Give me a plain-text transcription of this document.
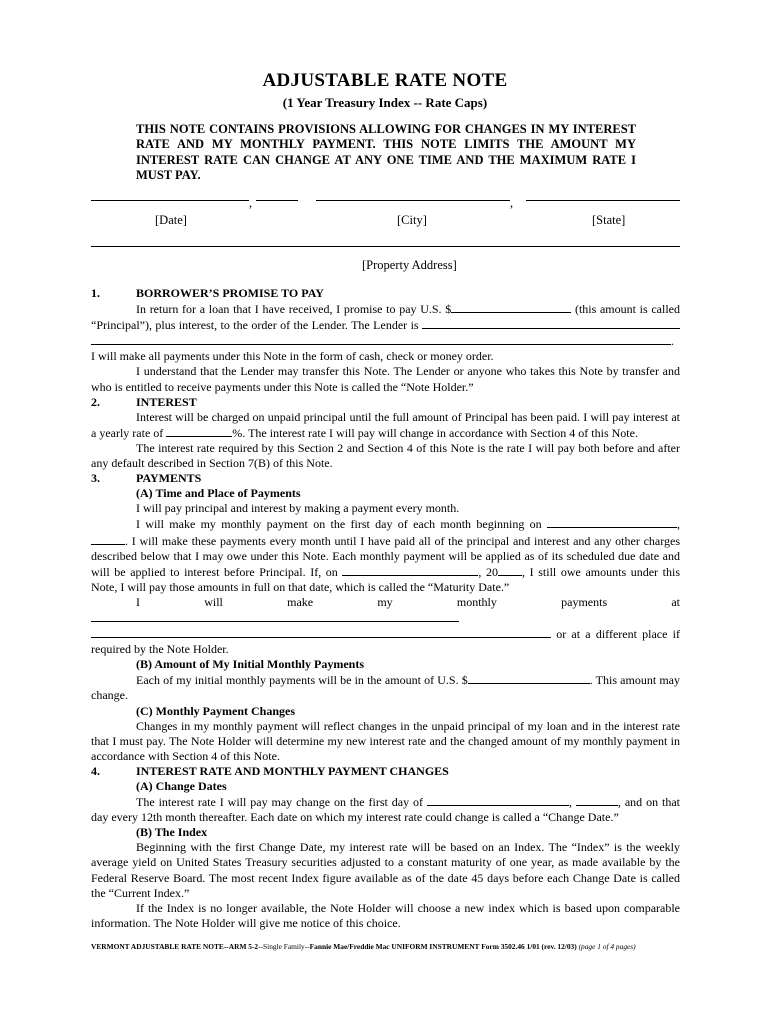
ADJUSTABLE RATE NOTE
(1 Year Treasury Index -- Rate Caps)
THIS NOTE CONTAINS PROVISIONS ALLOWING FOR CHANGES IN MY INTEREST RATE AND MY MONTHLY PAYMENT. THIS NOTE LIMITS THE AMOUNT MY INTEREST RATE CAN CHANGE AT ANY ONE TIME AND THE MAXIMUM RATE I MUST PAY.
,	,
[Date]	[City]	[State]
[Property Address]
1.	BORROWER’S PROMISE TO PAY

In return for a loan that I have received, I promise to pay U.S. $	(this amount is called “Principal”), plus interest, to the order of the Lender. The Lender is . I will make all payments under this Note in the form of cash, check or money order.

I understand that the Lender may transfer this Note. The Lender or anyone who takes this Note by transfer and who is entitled to receive payments under this Note is called the “Note Holder.”

2.	INTEREST

Interest will be charged on unpaid principal until the full amount of Principal has been paid. I will pay interest at a yearly rate of	%. The interest rate I will pay will change in accordance with Section 4 of this Note.

The interest rate required by this Section 2 and Section 4 of this Note is the rate I will pay both before and after any default described in Section 7(B) of this Note.

3.	PAYMENTS
(A) Time and Place of Payments

I will pay principal and interest by making a payment every month.

I will make my monthly payment on the first day of each month beginning on	, . I will make these payments every month until I have paid all of the principal and interest and any other charges described below that I may owe under this Note. Each monthly payment will be applied as of its scheduled due date and will be applied to interest before Principal. If, on	, 20 , I still owe amounts under this Note, I will pay those amounts in full on that date, which is called the “Maturity Date.”

I will make my monthly payments at  or at a different place if required by the Note Holder.

(B) Amount of My Initial Monthly Payments

Each of my initial monthly payments will be in the amount of U.S. $	. This amount may change.

(C) Monthly Payment Changes

Changes in my monthly payment will reflect changes in the unpaid principal of my loan and in the interest rate that I must pay. The Note Holder will determine my new interest rate and the changed amount of my monthly payment in accordance with Section 4 of this Note.

4.	INTEREST RATE AND MONTHLY PAYMENT CHANGES
(A) Change Dates

The interest rate I will pay may change on the first day of	,	, and on that day every 12th month thereafter. Each date on which my interest rate could change is called a “Change Date.”

(B) The Index

Beginning with the first Change Date, my interest rate will be based on an Index. The “Index” is the weekly average yield on United States Treasury securities adjusted to a constant maturity of one year, as made available by the Federal Reserve Board. The most recent Index figure available as of the date 45 days before each Change Date is called the “Current Index.”

If the Index is no longer available, the Note Holder will choose a new index which is based upon comparable information. The Note Holder will give me notice of this choice.

VERMONT ADJUSTABLE RATE NOTE--ARM 5-2--Single Family--Fannie Mae/Freddie Mac UNIFORM INSTRUMENT Form 3502.46 1/01 (rev. 12/03) (page 1 of 4 pages)
